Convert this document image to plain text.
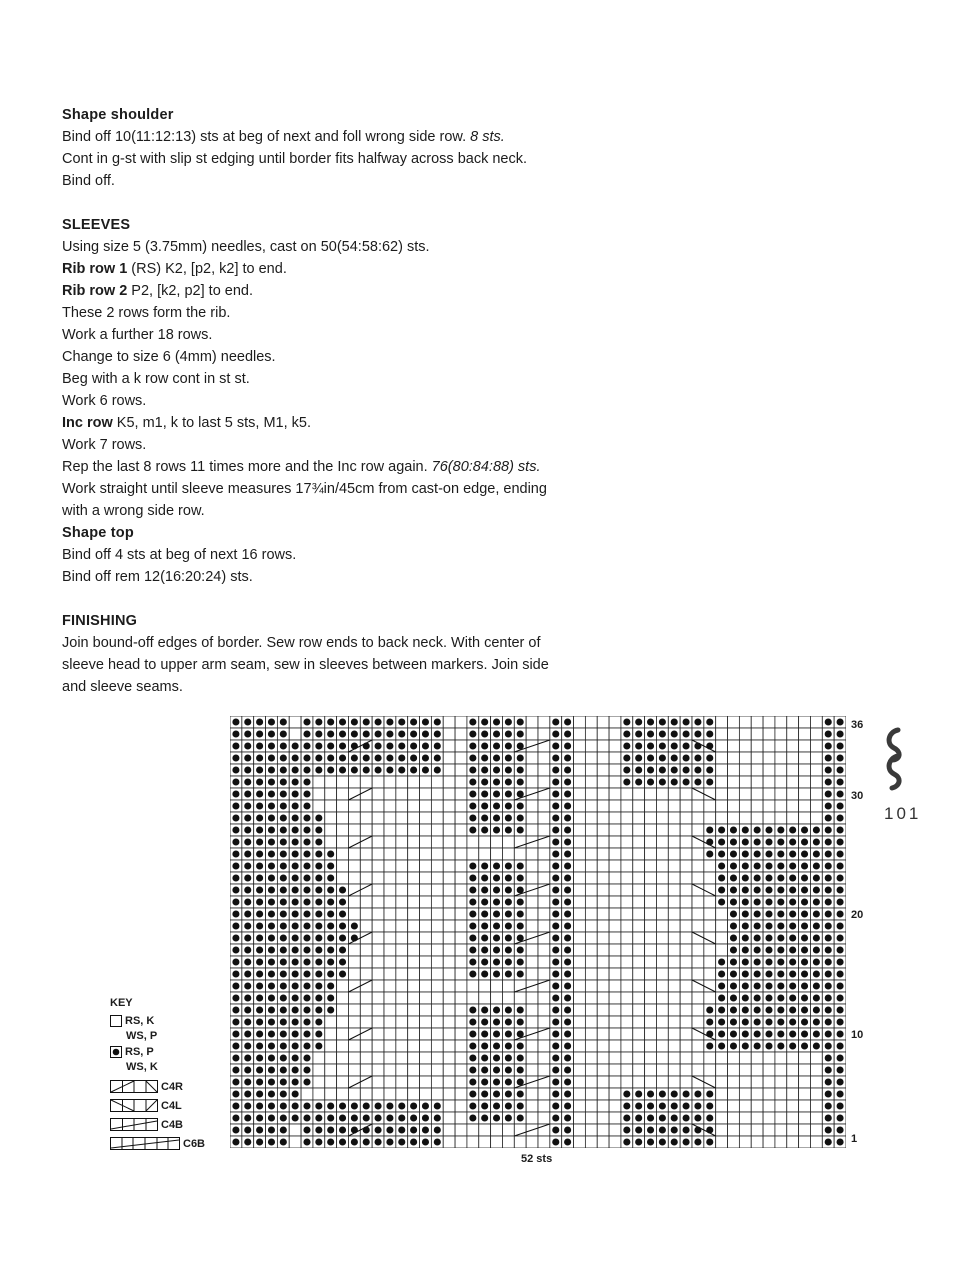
Shape shoulder

Bind off 10(11:12:13) sts at beg of next and foll wrong side row. 8 sts.

Cont in g-st with slip st edging until border fits halfway across back neck.

Bind off.

SLEEVES

Using size 5 (3.75mm) needles, cast on 50(54:58:62) sts.

Rib row 1 (RS) K2, [p2, k2] to end.

Rib row 2 P2, [k2, p2] to end.

These 2 rows form the rib.

Work a further 18 rows.

Change to size 6 (4mm) needles.

Beg with a k row cont in st st.

Work 6 rows.

Inc row K5, m1, k to last 5 sts, M1, k5.

Work 7 rows.

Rep the last 8 rows 11 times more and the Inc row again. 76(80:84:88) sts.

Work straight until sleeve measures 17¾in/45cm from cast-on edge, ending

with a wrong side row.

Shape top

Bind off 4 sts at beg of next 16 rows.

Bind off rem 12(16:20:24) sts.

FINISHING

Join bound-off edges of border. Sew row ends to back neck. With center of

sleeve head to upper arm seam, sew in sleeves between markers. Join side

and sleeve seams.

36
30
20
10
1
52 sts
KEY
RS, K
WS, P
RS, P
WS, K
C4R
C4L
C4B
C6B
101
